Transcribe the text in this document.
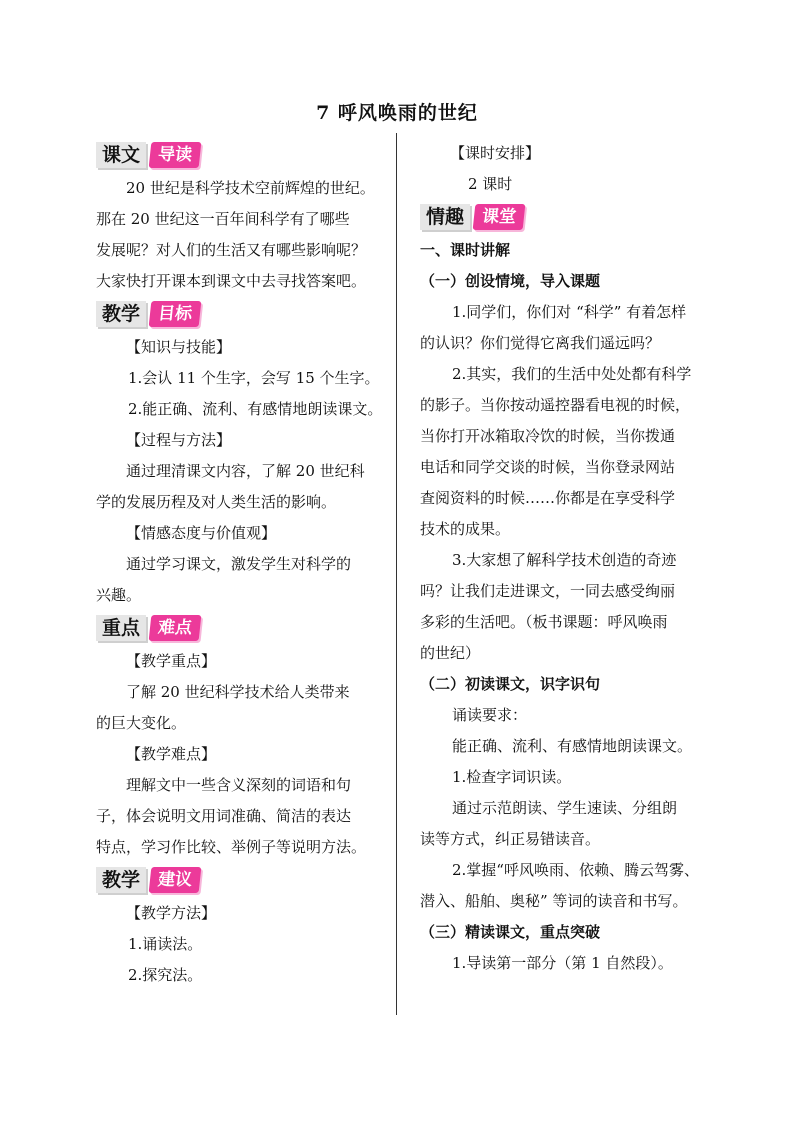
7 呼风唤雨的世纪
课文 导读
20 世纪是科学技术空前辉煌的世纪。
那在 20 世纪这一百年间科学有了哪些
发展呢？对人们的生活又有哪些影响呢？
大家快打开课本到课文中去寻找答案吧。
教学 目标
【知识与技能】
1.会认 11 个生字，会写 15 个生字。
2.能正确、流利、有感情地朗读课文。
【过程与方法】
通过理清课文内容，了解 20 世纪科
学的发展历程及对人类生活的影响。
【情感态度与价值观】
通过学习课文，激发学生对科学的
兴趣。
重点 难点
【教学重点】
了解 20 世纪科学技术给人类带来
的巨大变化。
【教学难点】
理解文中一些含义深刻的词语和句
子，体会说明文用词准确、简洁的表达
特点，学习作比较、举例子等说明方法。
教学 建议
【教学方法】
1.诵读法。
2.探究法。
【课时安排】
2 课时
情趣 课堂
一、课时讲解
（一）创设情境，导入课题
1.同学们，你们对 “科学” 有着怎样
的认识？你们觉得它离我们遥远吗？
2.其实，我们的生活中处处都有科学
的影子。当你按动遥控器看电视的时候，
当你打开冰箱取冷饮的时候，当你拨通
电话和同学交谈的时候，当你登录网站
查阅资料的时候……你都是在享受科学
技术的成果。
3.大家想了解科学技术创造的奇迹
吗？让我们走进课文，一同去感受绚丽
多彩的生活吧。（板书课题：呼风唤雨
的世纪）
（二）初读课文，识字识句
诵读要求：
能正确、流利、有感情地朗读课文。
1.检查字词识读。
通过示范朗读、学生速读、分组朗
读等方式，纠正易错读音。
2.掌握“呼风唤雨、依赖、腾云驾雾、
潜入、船舶、奥秘” 等词的读音和书写。
（三）精读课文，重点突破
1.导读第一部分（第 1 自然段）。
